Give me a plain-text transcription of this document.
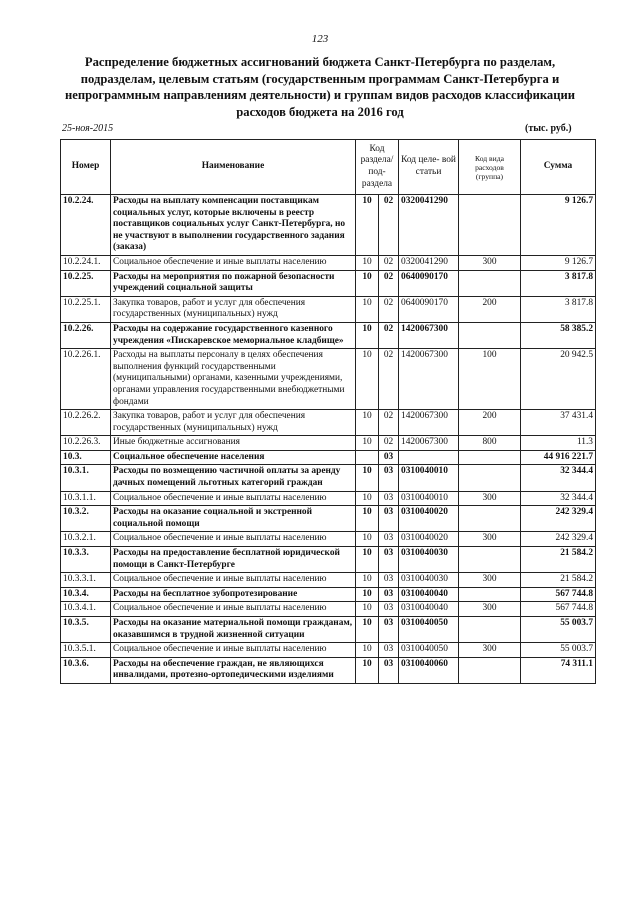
123
Распределение бюджетных ассигнований бюджета Санкт-Петербурга по разделам, подразделам, целевым статьям (государственным программам Санкт-Петербурга и непрограммным направлениям деятельности) и группам видов расходов классификации расходов бюджета на 2016 год
25-ноя-2015	(тыс. руб.)
Номер	Наименование	Код раздела/ под- раздела		Код целе- вой статьи	Код вида расходов (группа)	Сумма
10.2.24.	Расходы на выплату компенсации поставщикам социальных услуг, которые включены в реестр поставщиков социальных услуг Санкт-Петербурга, но не участвуют в выполнении государственного задания (заказа)	10	02	0320041290		9 126.7
10.2.24.1.	Социальное обеспечение и иные выплаты населению	10	02	0320041290	300	9 126.7
10.2.25.	Расходы на мероприятия по пожарной безопасности учреждений социальной защиты	10	02	0640090170		3 817.8
10.2.25.1.	Закупка товаров, работ и услуг для обеспечения государственных (муниципальных) нужд	10	02	0640090170	200	3 817.8
10.2.26.	Расходы на содержание государственного казенного учреждения «Пискаревское мемориальное кладбище»	10	02	1420067300		58 385.2
10.2.26.1.	Расходы на выплаты персоналу в целях обеспечения выполнения функций государственными (муниципальными) органами, казенными учреждениями, органами управления государственными внебюджетными фондами	10	02	1420067300	100	20 942.5
10.2.26.2.	Закупка товаров, работ и услуг для обеспечения государственных (муниципальных) нужд	10	02	1420067300	200	37 431.4
10.2.26.3.	Иные бюджетные ассигнования	10	02	1420067300	800	11.3
10.3.	Социальное обеспечение населения		03			44 916 221.7
10.3.1.	Расходы по возмещению частичной оплаты за аренду дачных помещений льготных категорий граждан	10	03	0310040010		32 344.4
10.3.1.1.	Социальное обеспечение и иные выплаты населению	10	03	0310040010	300	32 344.4
10.3.2.	Расходы на оказание социальной и экстренной социальной помощи	10	03	0310040020		242 329.4
10.3.2.1.	Социальное обеспечение и иные выплаты населению	10	03	0310040020	300	242 329.4
10.3.3.	Расходы на предоставление бесплатной юридической помощи в Санкт-Петербурге	10	03	0310040030		21 584.2
10.3.3.1.	Социальное обеспечение и иные выплаты населению	10	03	0310040030	300	21 584.2
10.3.4.	Расходы на бесплатное зубопротезирование	10	03	0310040040		567 744.8
10.3.4.1.	Социальное обеспечение и иные выплаты населению	10	03	0310040040	300	567 744.8
10.3.5.	Расходы на оказание материальной помощи гражданам, оказавшимся в трудной жизненной ситуации	10	03	0310040050		55 003.7
10.3.5.1.	Социальное обеспечение и иные выплаты населению	10	03	0310040050	300	55 003.7
10.3.6.	Расходы на обеспечение граждан, не являющихся инвалидами, протезно-ортопедическими изделиями	10	03	0310040060		74 311.1
